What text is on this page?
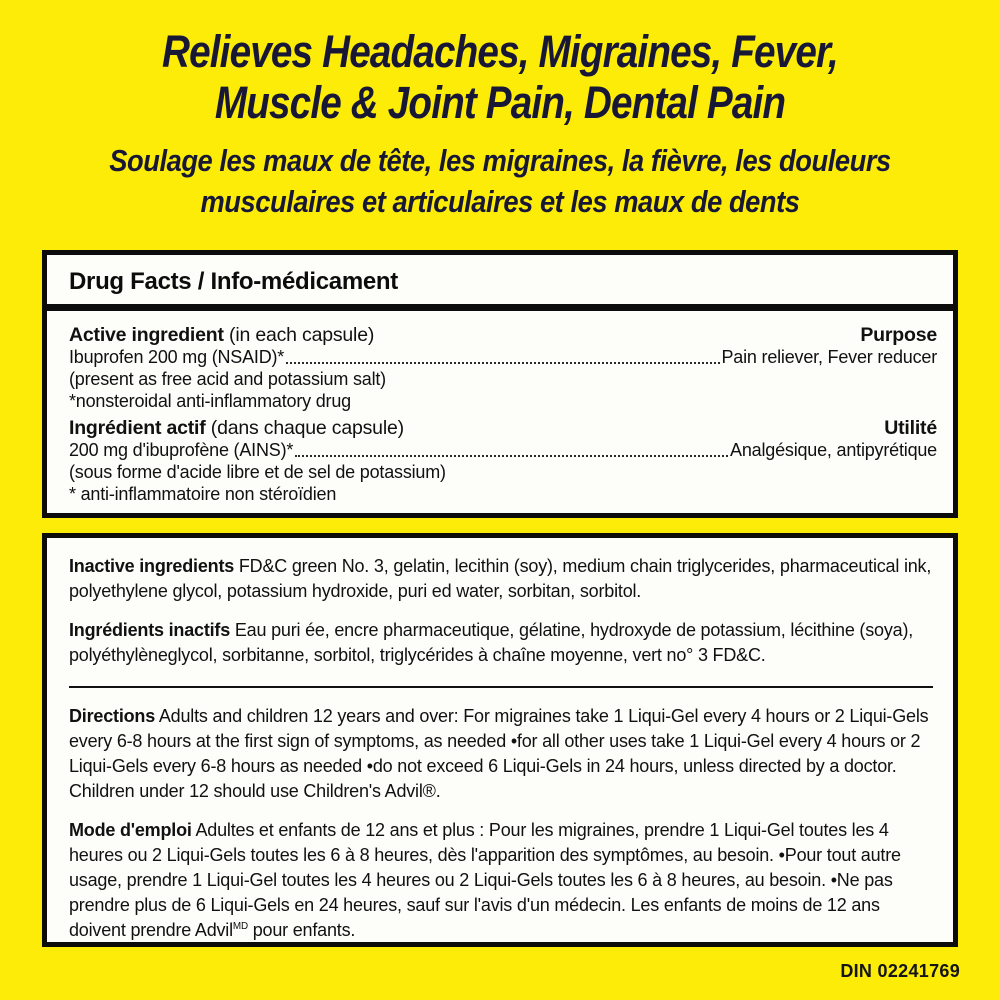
Relieves Headaches, Migraines, Fever,
Muscle & Joint Pain, Dental Pain
Soulage les maux de tête, les migraines, la fièvre, les douleurs
musculaires et articulaires et les maux de dents
Drug Facts / Info-médicament
Active ingredient (in each capsule)	Purpose
Ibuprofen 200 mg (NSAID)*	Pain reliever, Fever reducer

(present as free acid and potassium salt)

*nonsteroidal anti-inflammatory drug

Ingrédient actif (dans chaque capsule)	Utilité
200 mg d'ibuprofène (AINS)*	Analgésique, antipyrétique

(sous forme d'acide libre et de sel de potassium)

* anti-inflammatoire non stéroïdien

Inactive ingredients FD&C green No. 3, gelatin, lecithin (soy), medium chain triglycerides, pharmaceutical ink, polyethylene glycol, potassium hydroxide, puri ed water, sorbitan, sorbitol.

Ingrédients inactifs Eau puri ée, encre pharmaceutique, gélatine, hydroxyde de potassium, lécithine (soya), polyéthylèneglycol, sorbitanne, sorbitol, triglycérides à chaîne moyenne, vert no° 3 FD&C.

Directions Adults and children 12 years and over: For migraines take 1 Liqui-Gel every 4 hours or 2 Liqui-Gels every 6-8 hours at the first sign of symptoms, as needed •for all other uses take 1 Liqui-Gel every 4 hours or 2 Liqui-Gels every 6-8 hours as needed •do not exceed 6 Liqui-Gels in 24 hours, unless directed by a doctor. Children under 12 should use Children's Advil®.

Mode d'emploi Adultes et enfants de 12 ans et plus : Pour les migraines, prendre 1 Liqui-Gel toutes les 4 heures ou 2 Liqui-Gels toutes les 6 à 8 heures, dès l'apparition des symptômes, au besoin. •Pour tout autre usage, prendre 1 Liqui-Gel toutes les 4 heures ou 2 Liqui-Gels toutes les 6 à 8 heures, au besoin. •Ne pas prendre plus de 6 Liqui-Gels en 24 heures, sauf sur l'avis d'un médecin. Les enfants de moins de 12 ans doivent prendre Advil$^{MD}$ pour enfants.

DIN 02241769
